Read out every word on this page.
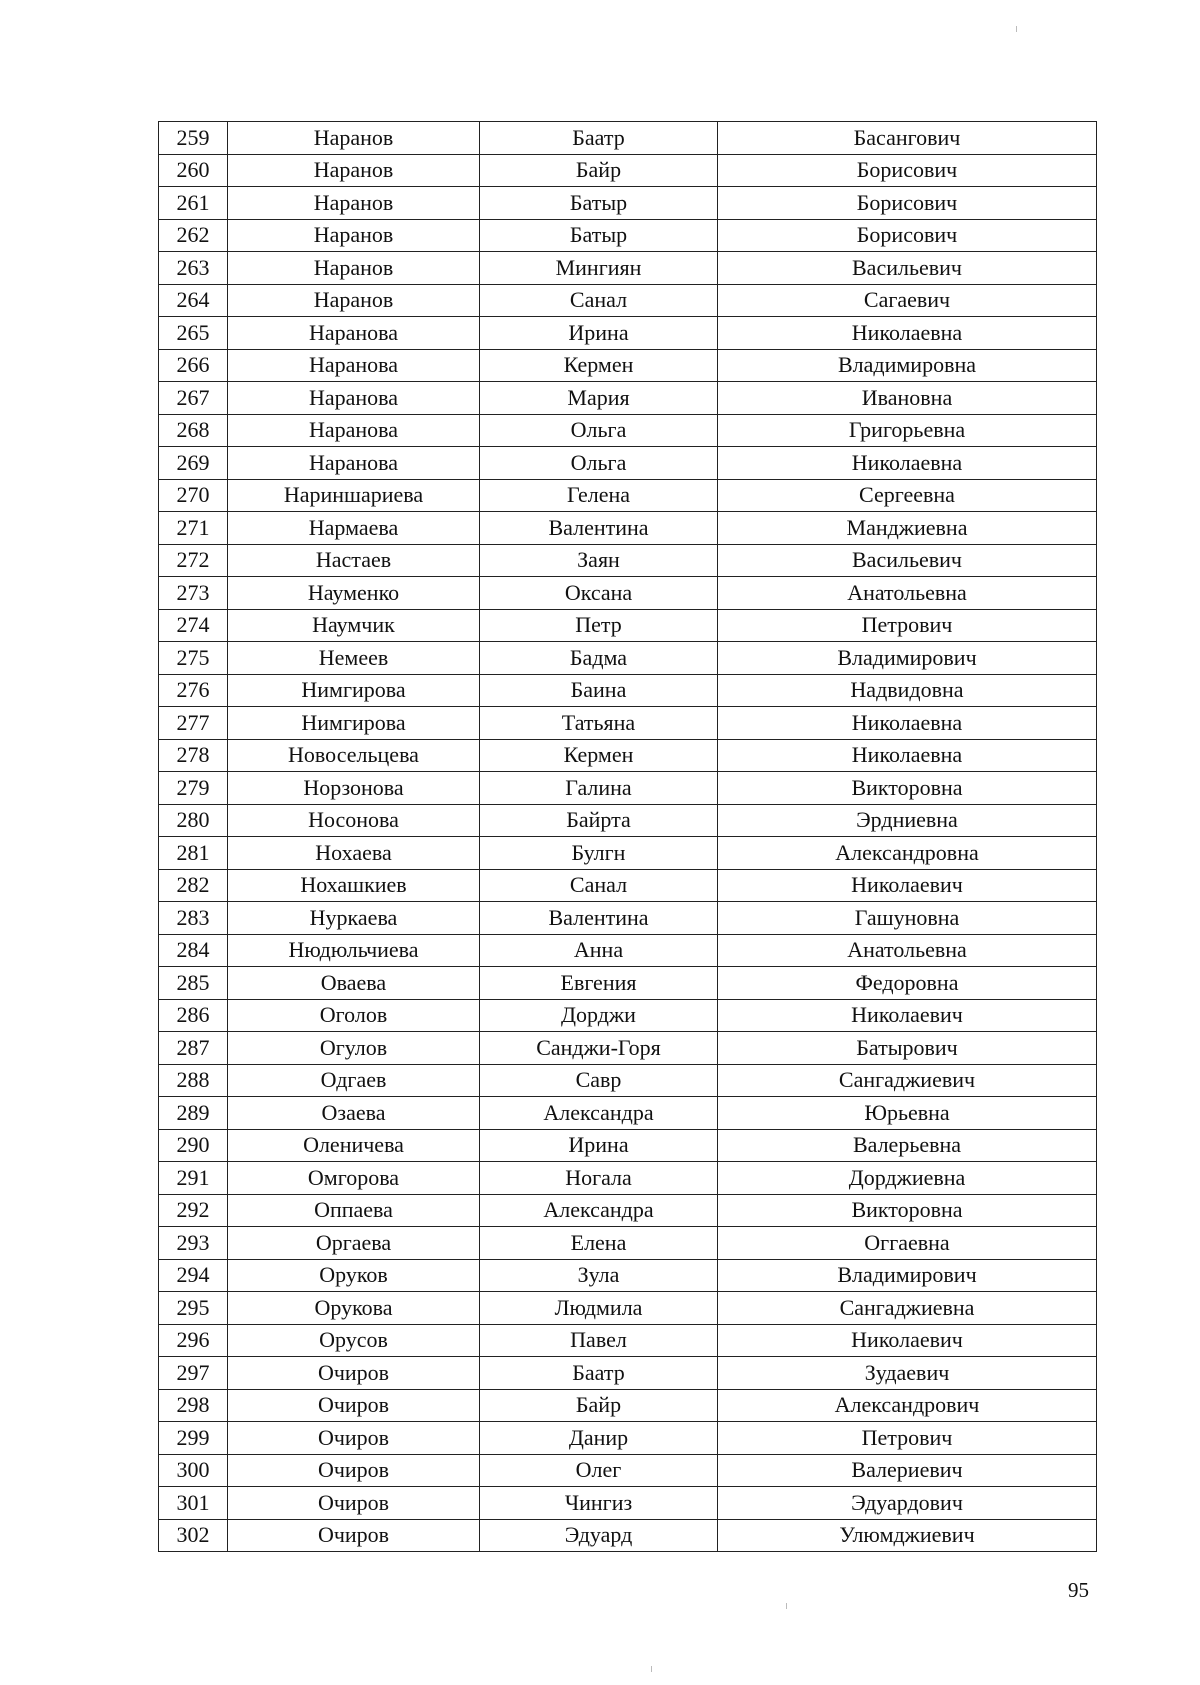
259	Наранов	Баатр	Басангович
260	Наранов	Байр	Борисович
261	Наранов	Батыр	Борисович
262	Наранов	Батыр	Борисович
263	Наранов	Мингиян	Васильевич
264	Наранов	Санал	Сагаевич
265	Наранова	Ирина	Николаевна
266	Наранова	Кермен	Владимировна
267	Наранова	Мария	Ивановна
268	Наранова	Ольга	Григорьевна
269	Наранова	Ольга	Николаевна
270	Нариншариева	Гелена	Сергеевна
271	Нармаева	Валентина	Манджиевна
272	Настаев	Заян	Васильевич
273	Науменко	Оксана	Анатольевна
274	Наумчик	Петр	Петрович
275	Немеев	Бадма	Владимирович
276	Нимгирова	Баина	Надвидовна
277	Нимгирова	Татьяна	Николаевна
278	Новосельцева	Кермен	Николаевна
279	Норзонова	Галина	Викторовна
280	Носонова	Байрта	Эрдниевна
281	Нохаева	Булгн	Александровна
282	Нохашкиев	Санал	Николаевич
283	Нуркаева	Валентина	Гашуновна
284	Нюдюльчиева	Анна	Анатольевна
285	Оваева	Евгения	Федоровна
286	Оголов	Дорджи	Николаевич
287	Огулов	Санджи-Горя	Батырович
288	Одгаев	Савр	Сангаджиевич
289	Озаева	Александра	Юрьевна
290	Оленичева	Ирина	Валерьевна
291	Омгорова	Ногала	Дорджиевна
292	Оппаева	Александра	Викторовна
293	Оргаева	Елена	Оггаевна
294	Оруков	Зула	Владимирович
295	Орукова	Людмила	Сангаджиевна
296	Орусов	Павел	Николаевич
297	Очиров	Баатр	Зудаевич
298	Очиров	Байр	Александрович
299	Очиров	Данир	Петрович
300	Очиров	Олег	Валериевич
301	Очиров	Чингиз	Эдуардович
302	Очиров	Эдуард	Улюмджиевич
95
